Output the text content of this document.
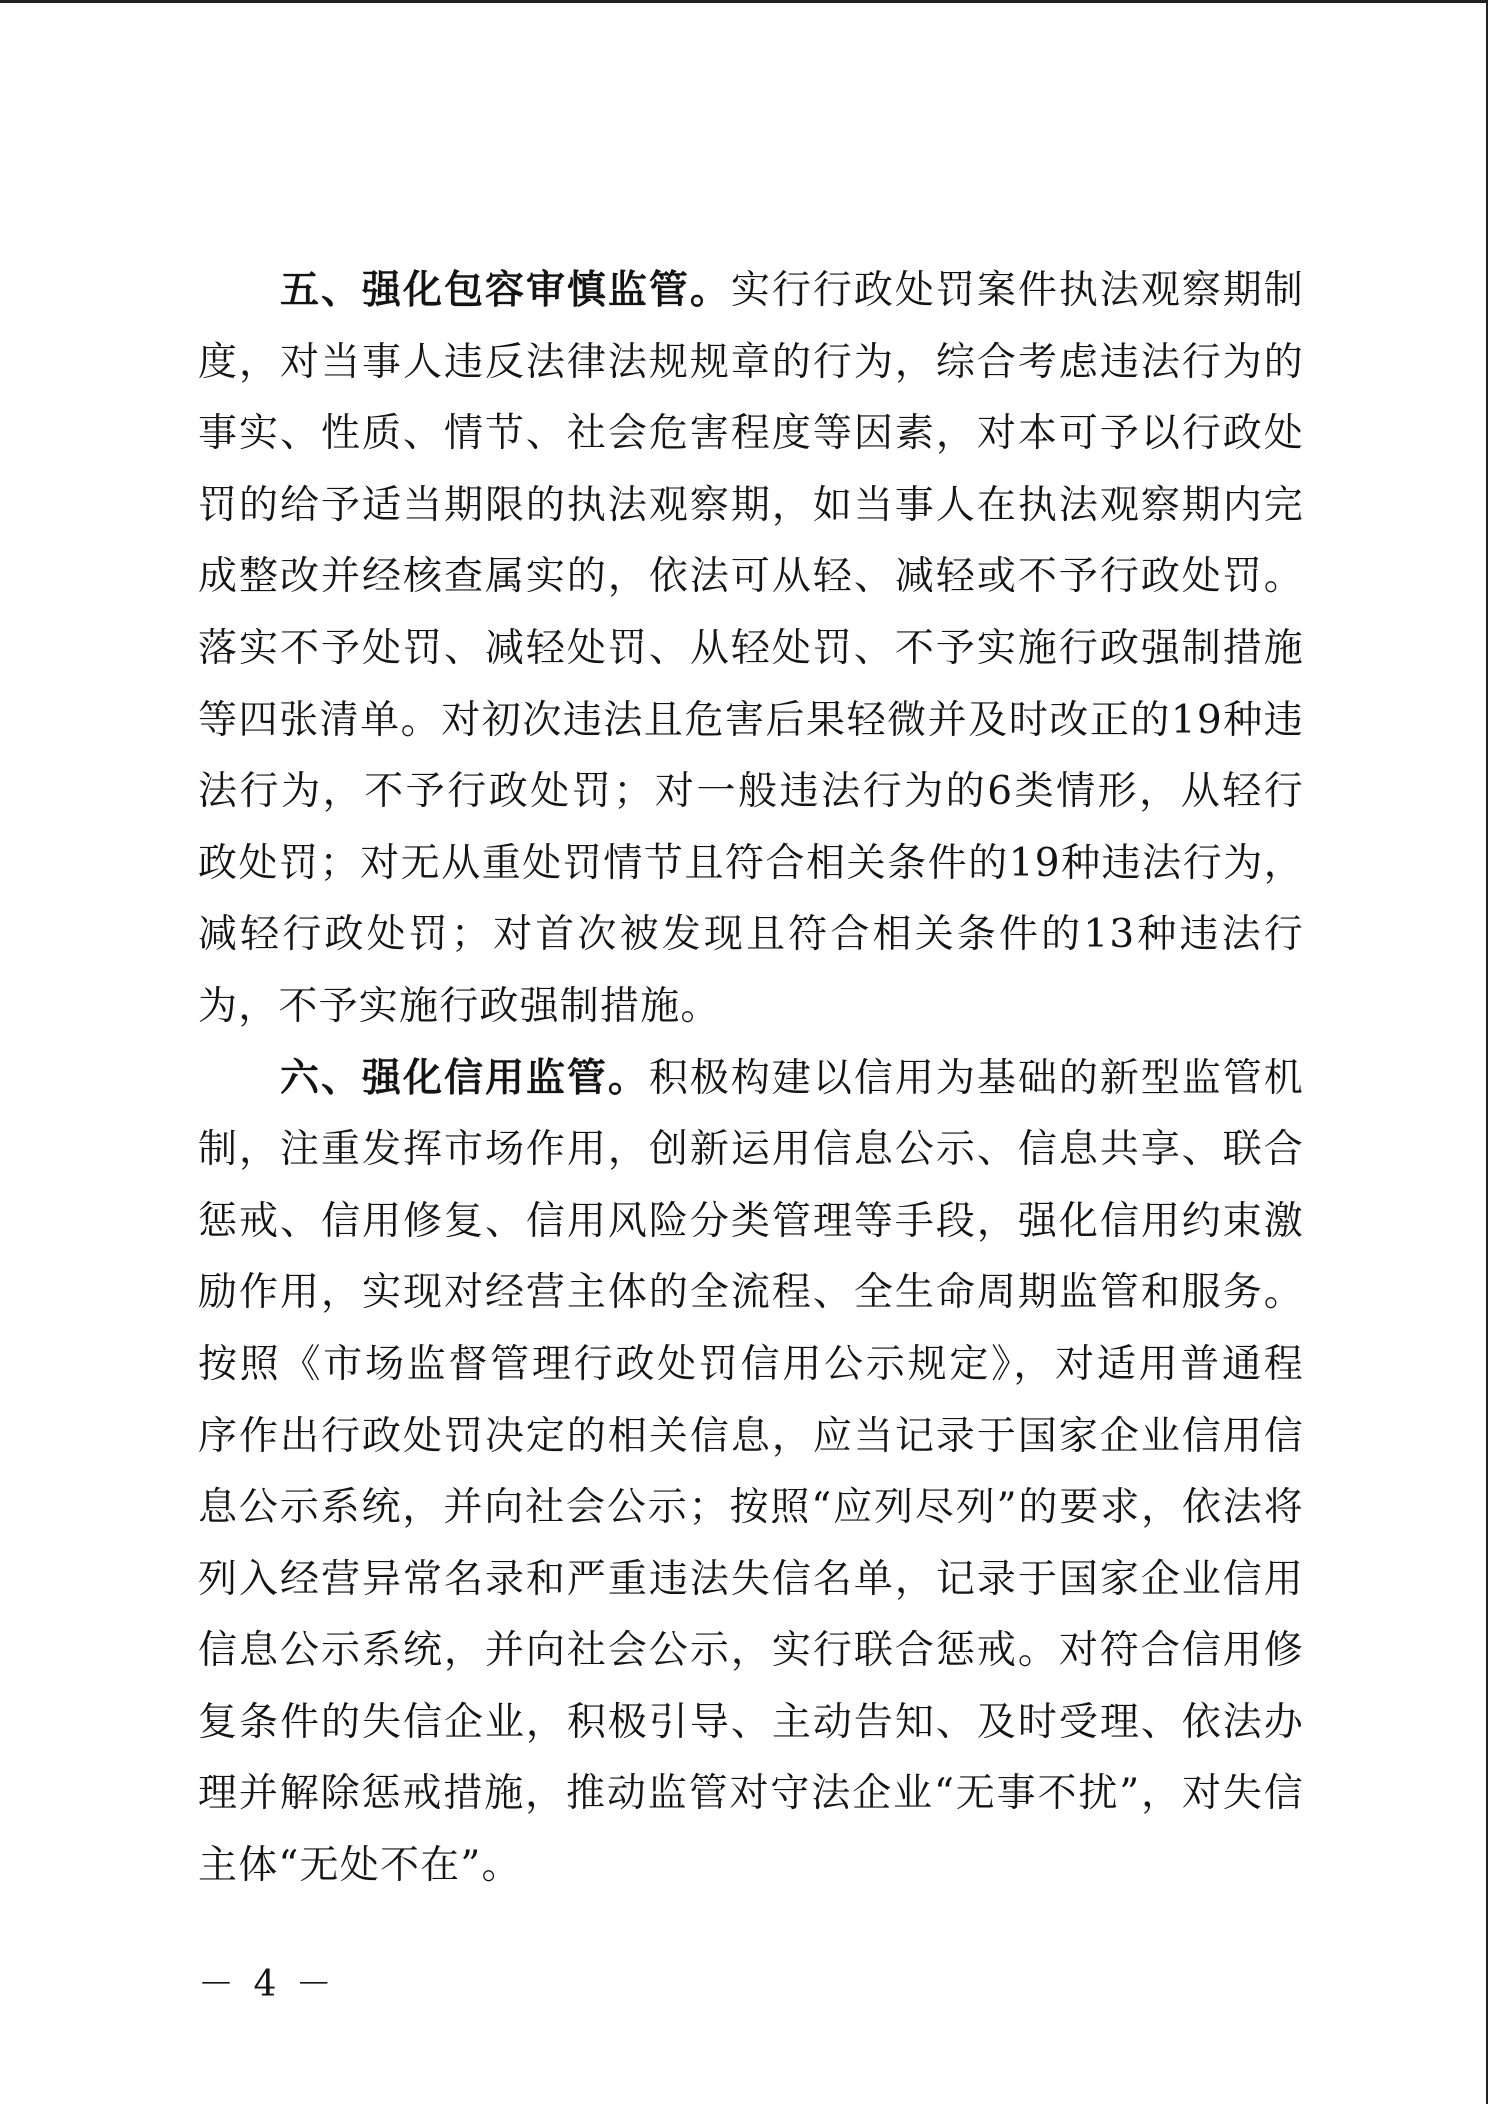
五、强化包容审慎监管。实行行政处罚案件执法观察期制度，对当事人违反法律法规规章的行为，综合考虑违法行为的事实、性质、情节、社会危害程度等因素，对本可予以行政处罚的给予适当期限的执法观察期，如当事人在执法观察期内完成整改并经核查属实的，依法可从轻、减轻或不予行政处罚。落实不予处罚、减轻处罚、从轻处罚、不予实施行政强制措施等四张清单。对初次违法且危害后果轻微并及时改正的19种违法行为，不予行政处罚；对一般违法行为的6类情形，从轻行政处罚；对无从重处罚情节且符合相关条件的19种违法行为，减轻行政处罚；对首次被发现且符合相关条件的13种违法行为，不予实施行政强制措施。

六、强化信用监管。积极构建以信用为基础的新型监管机制，注重发挥市场作用，创新运用信息公示、信息共享、联合惩戒、信用修复、信用风险分类管理等手段，强化信用约束激励作用，实现对经营主体的全流程、全生命周期监管和服务。按照《市场监督管理行政处罚信用公示规定》，对适用普通程序作出行政处罚决定的相关信息，应当记录于国家企业信用信息公示系统，并向社会公示；按照“应列尽列”的要求，依法将列入经营异常名录和严重违法失信名单，记录于国家企业信用信息公示系统，并向社会公示，实行联合惩戒。对符合信用修复条件的失信企业，积极引导、主动告知、及时受理、依法办理并解除惩戒措施，推动监管对守法企业“无事不扰”，对失信主体“无处不在”。

－ 4 －
